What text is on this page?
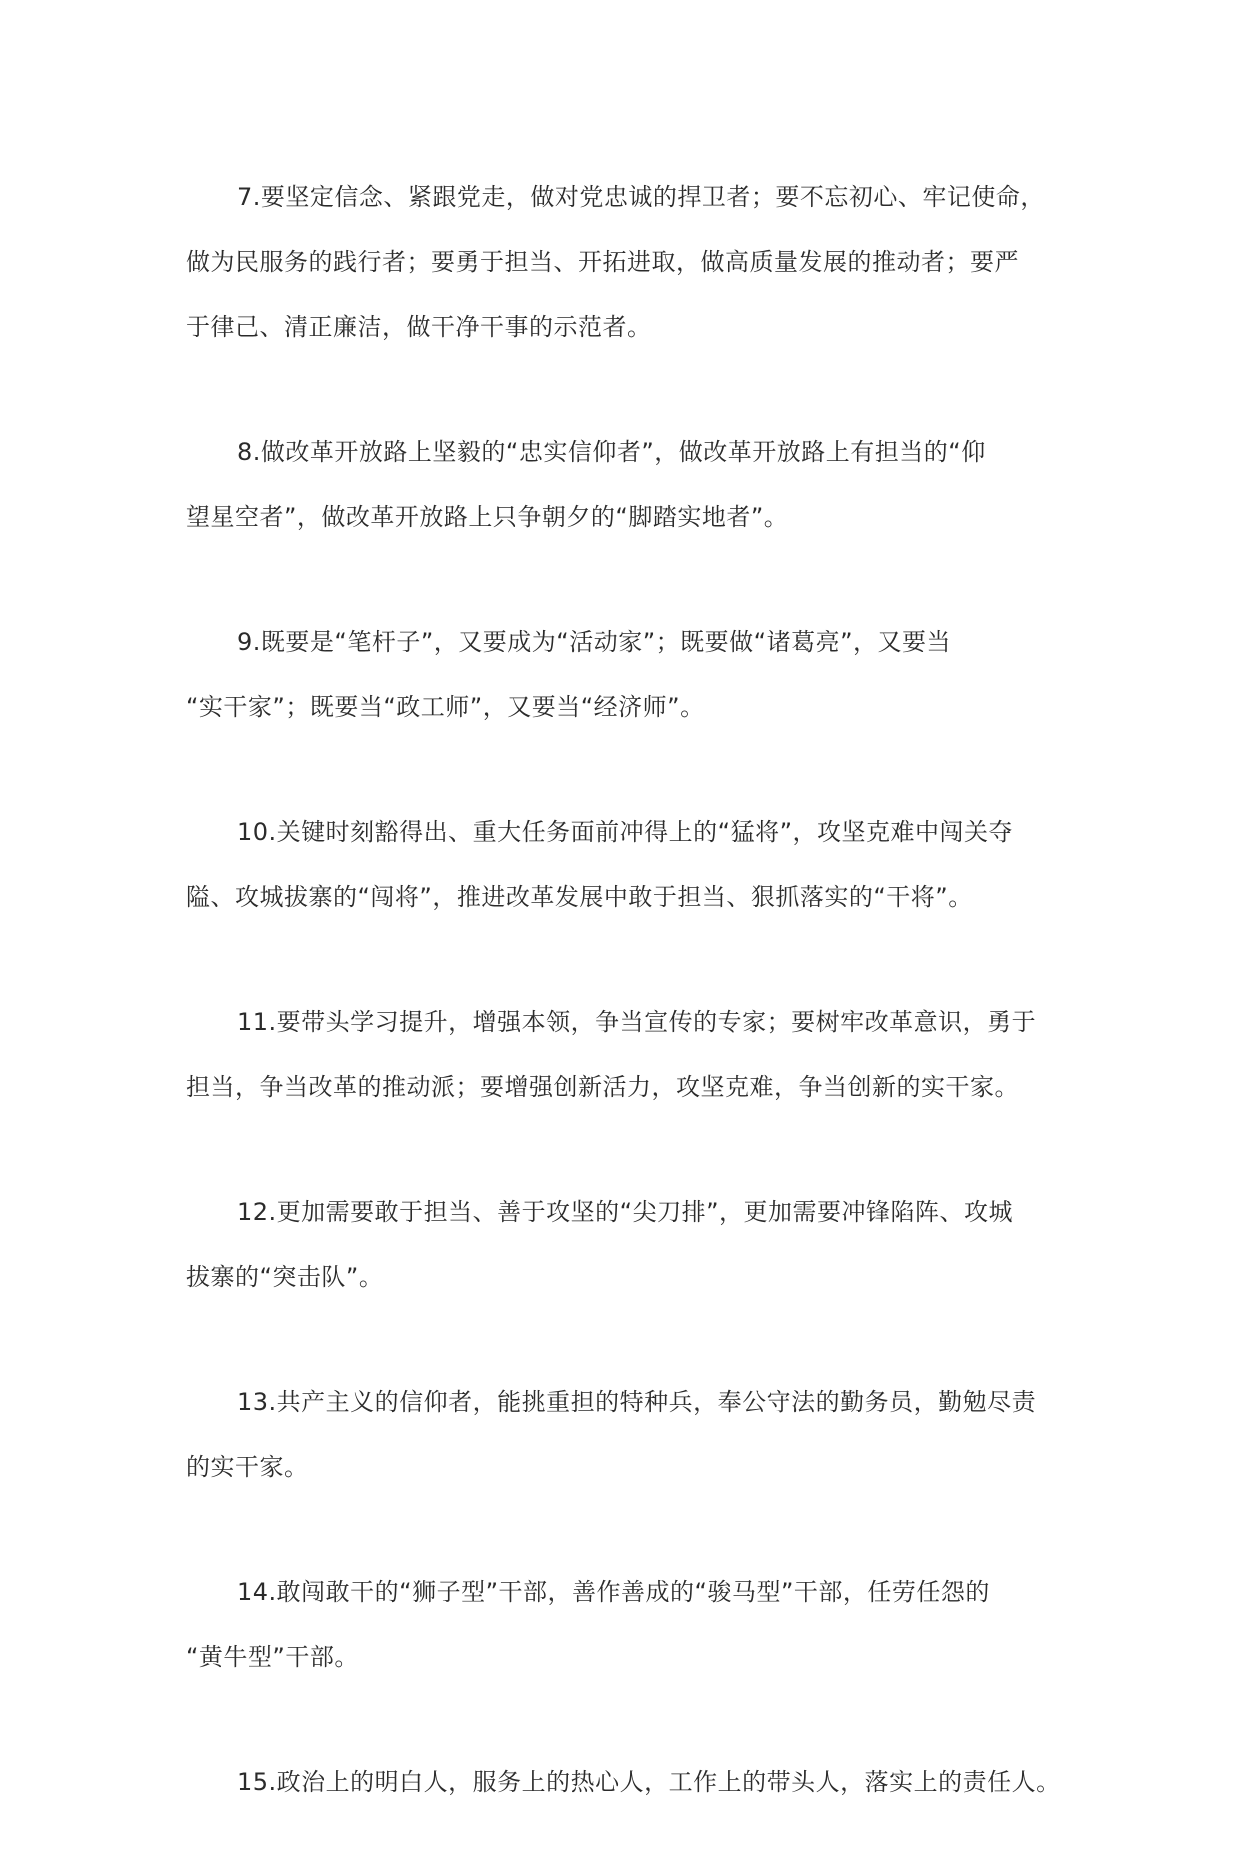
7.要坚定信念、紧跟党走，做对党忠诚的捍卫者；要不忘初心、牢记使命，
做为民服务的践行者；要勇于担当、开拓进取，做高质量发展的推动者；要严
于律己、清正廉洁，做干净干事的示范者。

8.做改革开放路上坚毅的“忠实信仰者”，做改革开放路上有担当的“仰
望星空者”，做改革开放路上只争朝夕的“脚踏实地者”。

9.既要是“笔杆子”，又要成为“活动家”；既要做“诸葛亮”，又要当
“实干家”；既要当“政工师”，又要当“经济师”。

10.关键时刻豁得出、重大任务面前冲得上的“猛将”，攻坚克难中闯关夺
隘、攻城拔寨的“闯将”，推进改革发展中敢于担当、狠抓落实的“干将”。

11.要带头学习提升，增强本领，争当宣传的专家；要树牢改革意识，勇于
担当，争当改革的推动派；要增强创新活力，攻坚克难，争当创新的实干家。

12.更加需要敢于担当、善于攻坚的“尖刀排”，更加需要冲锋陷阵、攻城
拔寨的“突击队”。

13.共产主义的信仰者，能挑重担的特种兵，奉公守法的勤务员，勤勉尽责
的实干家。

14.敢闯敢干的“狮子型”干部，善作善成的“骏马型”干部，任劳任怨的
“黄牛型”干部。

15.政治上的明白人，服务上的热心人，工作上的带头人，落实上的责任人。
